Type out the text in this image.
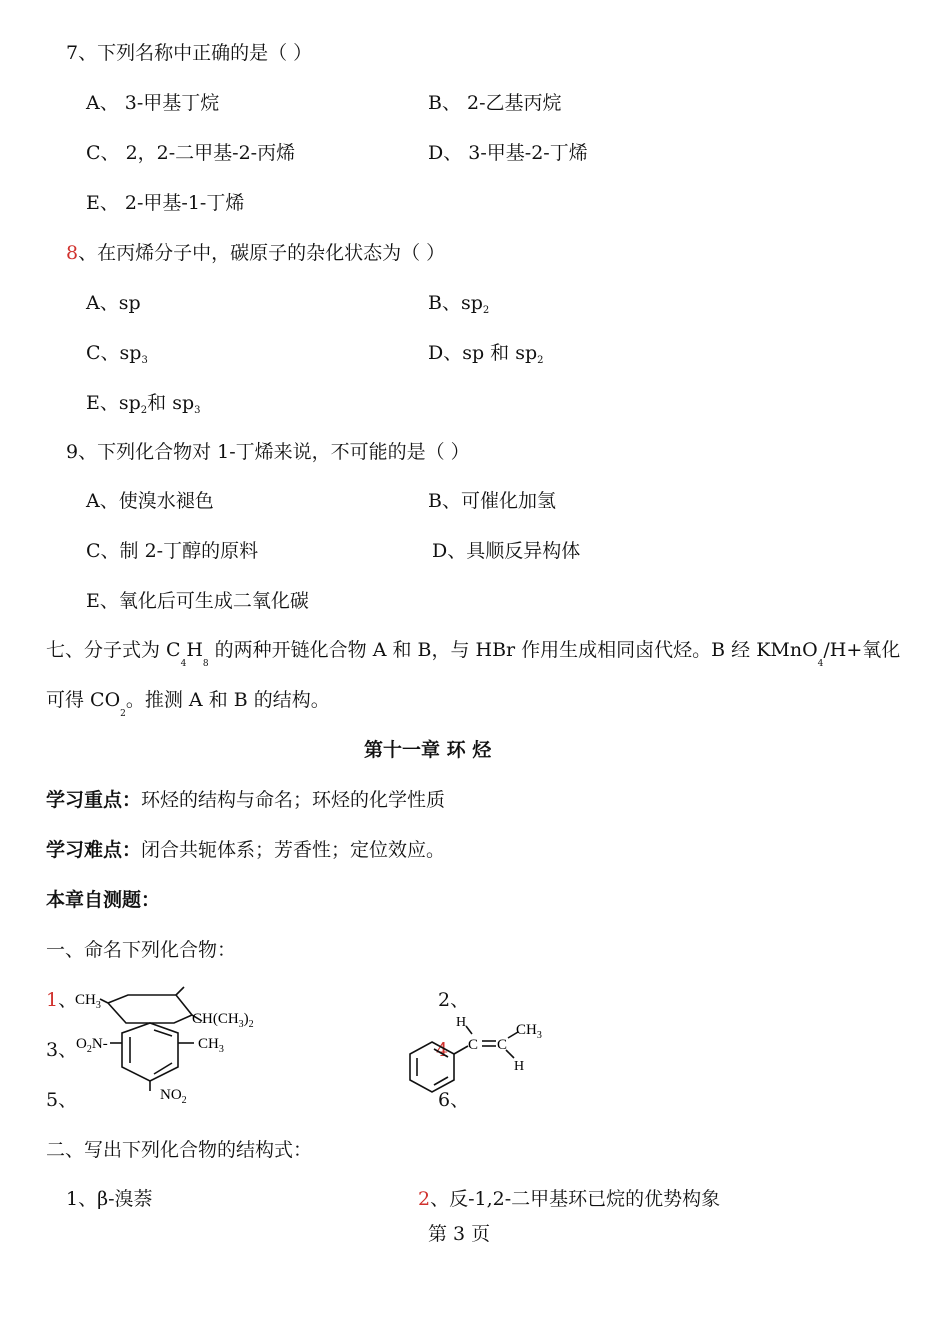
7、下列名称中正确的是（ ）
A、 3-甲基丁烷	B、 2-乙基丙烷
C、 2，2-二甲基-2-丙烯	D、 3-甲基-2-丁烯
E、 2-甲基-1-丁烯
8、在丙烯分子中，碳原子的杂化状态为（ ）
A、sp	B、$sp^2$
C、$sp^3$	D、sp 和 $sp^2$
E、$sp^2$和 $sp^3$
9、下列化合物对 1-丁烯来说，不可能的是（ ）
A、使溴水褪色	B、可催化加氢
C、制 2-丁醇的原料	D、具顺反异构体
E、氧化后可生成二氧化碳
七、分子式为 $C_4H_8$ 的两种开链化合物 A 和 B，与 HBr 作用生成相同卤代烃。B 经 KMnO$_4$/H+氧化
可得 $CO_2$。推测 A 和 B 的结构。
第十一章 环 烃
学习重点：环烃的结构与命名；环烃的化学性质
学习难点：闭合共轭体系；芳香性；定位效应。
本章自测题：
一、命名下列化合物：
1、	2、
3、	4
5、	6、
$CH_3$
$CH(CH_3)_2$
$CH_3$
$O_2N-$
$NO_2$
C C
H
H
$CH_3$
二、写出下列化合物的结构式：
1、β-溴萘	2、反-1,2-二甲基环已烷的优势构象
第 3 页
